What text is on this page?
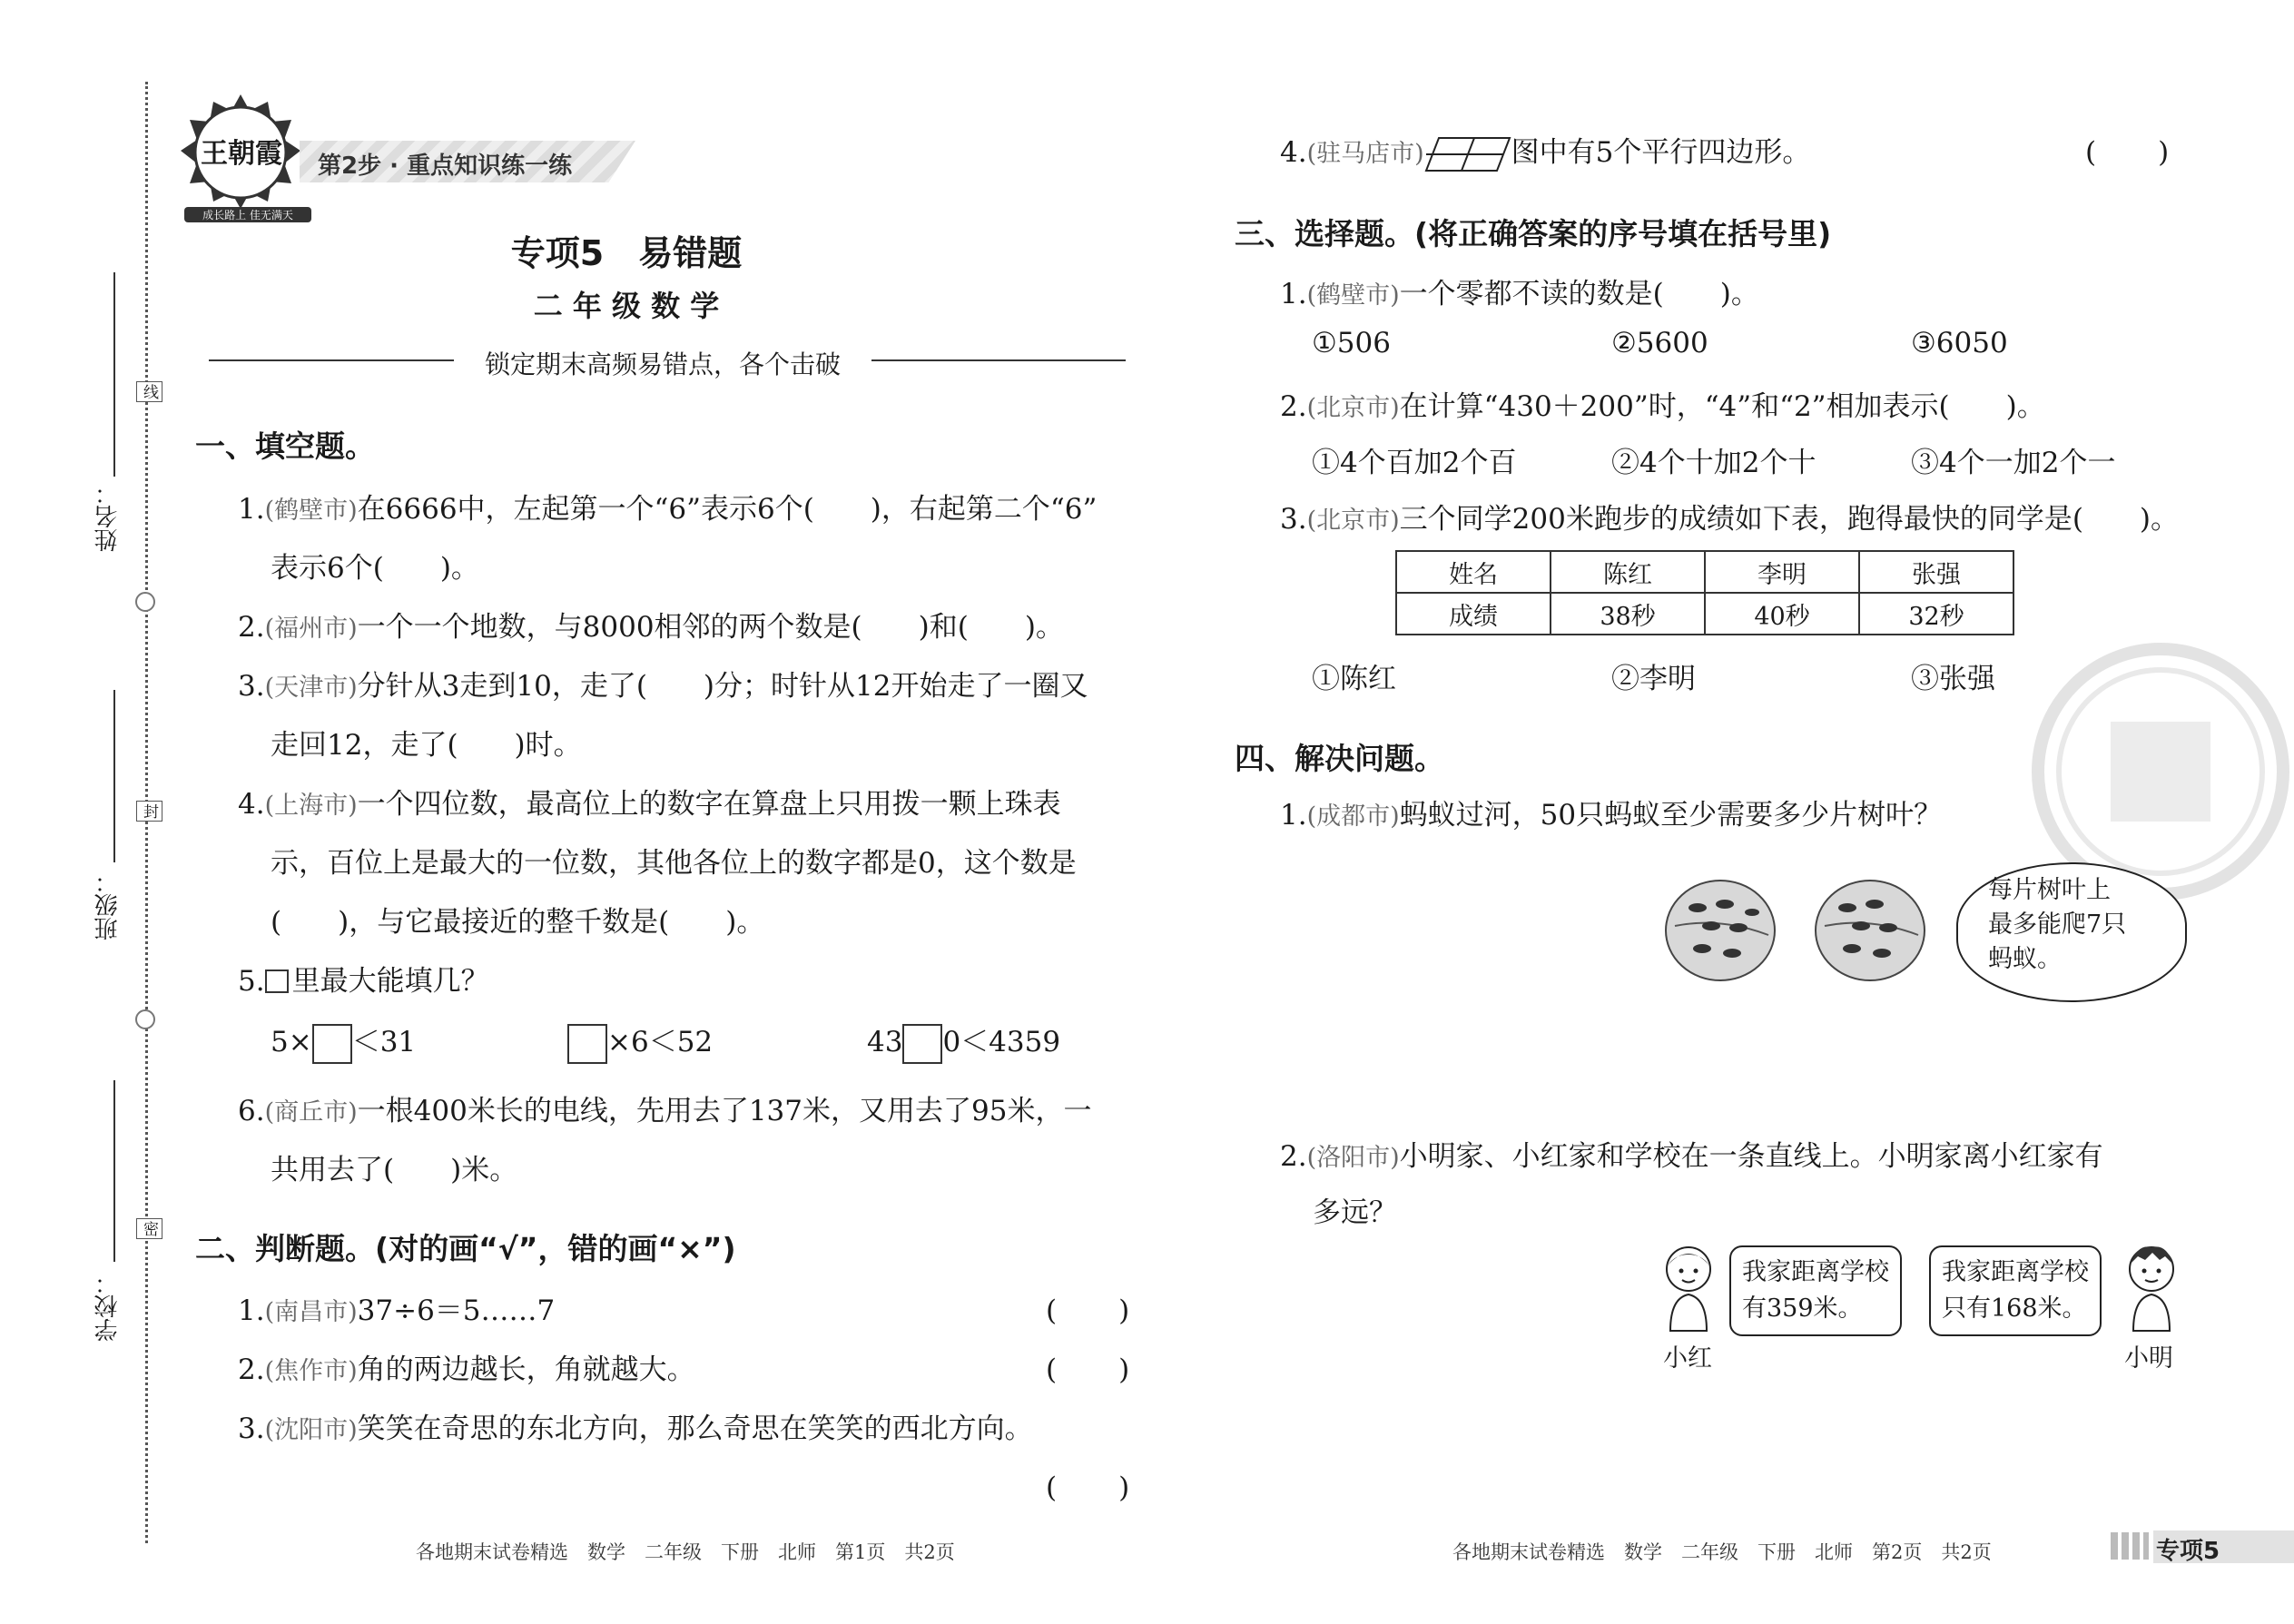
线
封
密
姓名：
班级：
学校：
王朝霞
成长路上 佳无满天
第2步 · 重点知识练一练
专项5　易错题
二 年 级 数 学
锁定期末高频易错点，各个击破
一、填空题。
1.(鹤壁市)在6666中，左起第一个“6”表示6个(　　)，右起第二个“6”
表示6个(　　)。
2.(福州市)一个一个地数，与8000相邻的两个数是(　　)和(　　)。
3.(天津市)分针从3走到10，走了(　　)分；时针从12开始走了一圈又
走回12，走了(　　)时。
4.(上海市)一个四位数，最高位上的数字在算盘上只用拨一颗上珠表
示，百位上是最大的一位数，其他各位上的数字都是0，这个数是
(　　)，与它最接近的整千数是(　　)。
5. 里最大能填几？
5× ＜31	×6＜52	43 0＜4359
6.(商丘市)一根400米长的电线，先用去了137米，又用去了95米，一
共用去了(　　)米。
二、判断题。(对的画“√”，错的画“×”)
1.(南昌市)37÷6＝5……7	(　　)
2.(焦作市)角的两边越长，角就越大。	(　　)
3.(沈阳市)笑笑在奇思的东北方向，那么奇思在笑笑的西北方向。
(　　)
各地期末试卷精选　数学　二年级　下册　北师　第1页　共2页
4.(驻马店市)	图中有5个平行四边形。	(　　)
三、选择题。(将正确答案的序号填在括号里)
1.(鹤壁市)一个零都不读的数是(　　)。
①506	②5600	③6050
2.(北京市)在计算“430＋200”时，“4”和“2”相加表示(　　)。
①4个百加2个百	②4个十加2个十	③4个一加2个一
3.(北京市)三个同学200米跑步的成绩如下表，跑得最快的同学是(　　)。
姓名	陈红	李明	张强
成绩	38秒	40秒	32秒
①陈红	②李明	③张强
四、解决问题。
1.(成都市)蚂蚁过河，50只蚂蚁至少需要多少片树叶？
每片树叶上
最多能爬7只
蚂蚁。
2.(洛阳市)小明家、小红家和学校在一条直线上。小明家离小红家有
多远？
小红
我家距离学校
有359米。
我家距离学校
只有168米。
小明
各地期末试卷精选　数学　二年级　下册　北师　第2页　共2页	专项5
